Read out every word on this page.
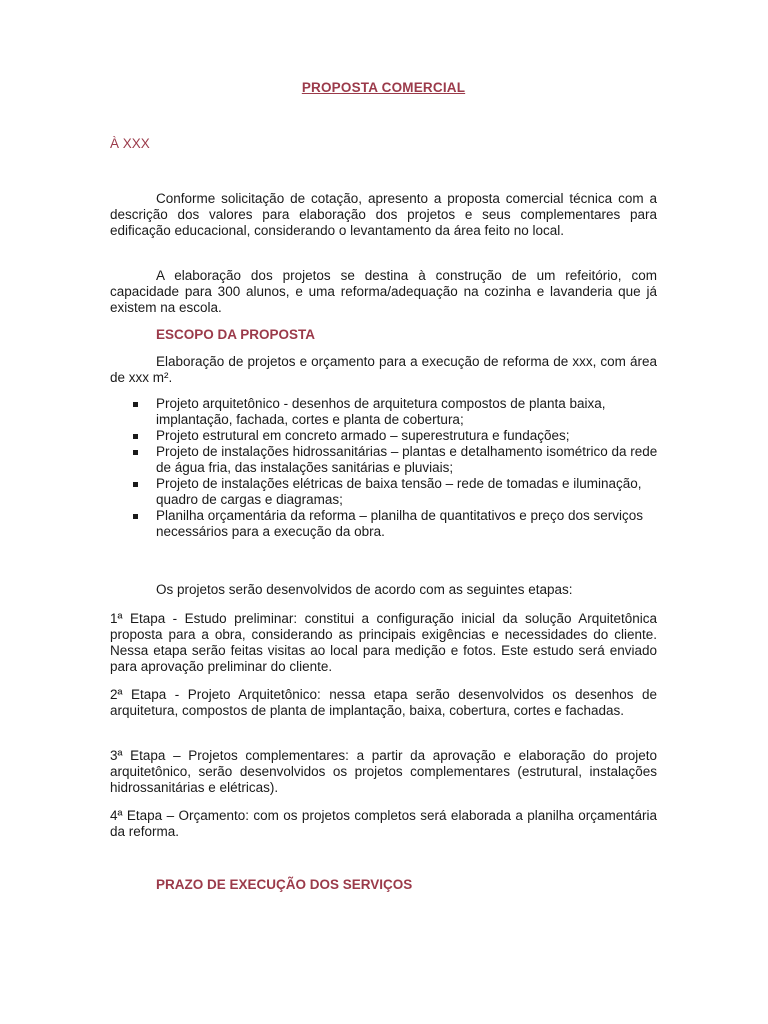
PROPOSTA COMERCIAL
À XXX

Conforme solicitação de cotação, apresento a proposta comercial técnica com a descrição dos valores para elaboração dos projetos e seus complementares para edificação educacional, considerando o levantamento da área feito no local.

A elaboração dos projetos se destina à construção de um refeitório, com capacidade para 300 alunos, e uma reforma/adequação na cozinha e lavanderia que já existem na escola.

ESCOPO DA PROPOSTA

Elaboração de projetos e orçamento para a execução de reforma de xxx, com área de xxx m².

Projeto arquitetônico - desenhos de arquitetura compostos de planta baixa, implantação, fachada, cortes e planta de cobertura;
Projeto estrutural em concreto armado – superestrutura e fundações;
Projeto de instalações hidrossanitárias – plantas e detalhamento isométrico da rede de água fria, das instalações sanitárias e pluviais;
Projeto de instalações elétricas de baixa tensão – rede de tomadas e iluminação, quadro de cargas e diagramas;
Planilha orçamentária da reforma – planilha de quantitativos e preço dos serviços necessários para a execução da obra.

Os projetos serão desenvolvidos de acordo com as seguintes etapas:

1ª Etapa - Estudo preliminar: constitui a configuração inicial da solução Arquitetônica proposta para a obra, considerando as principais exigências e necessidades do cliente. Nessa etapa serão feitas visitas ao local para medição e fotos. Este estudo será enviado para aprovação preliminar do cliente.

2ª Etapa - Projeto Arquitetônico: nessa etapa serão desenvolvidos os desenhos de arquitetura, compostos de planta de implantação, baixa, cobertura, cortes e fachadas.

3ª Etapa – Projetos complementares: a partir da aprovação e elaboração do projeto arquitetônico, serão desenvolvidos os projetos complementares (estrutural, instalações hidrossanitárias e elétricas).

4ª Etapa – Orçamento: com os projetos completos será elaborada a planilha orçamentária da reforma.

PRAZO DE EXECUÇÃO DOS SERVIÇOS
